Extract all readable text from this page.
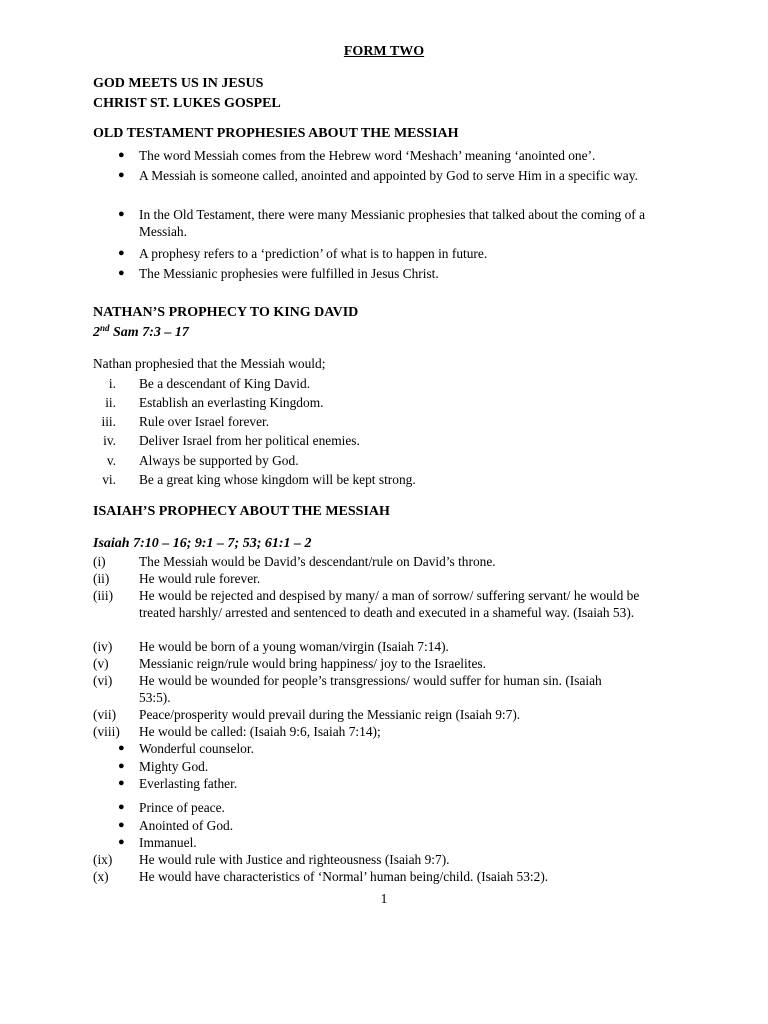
FORM TWO
GOD MEETS US IN JESUS
CHRIST ST. LUKES GOSPEL
OLD TESTAMENT PROPHESIES ABOUT THE MESSIAH
● The word Messiah comes from the Hebrew word ‘Meshach’ meaning ‘anointed one’.
● A Messiah is someone called, anointed and appointed by God to serve Him in a specific way.
● In the Old Testament, there were many Messianic prophesies that talked about the coming of a Messiah.
● A prophesy refers to a ‘prediction’ of what is to happen in future.
● The Messianic prophesies were fulfilled in Jesus Christ.
NATHAN’S PROPHECY TO KING DAVID
2nd Sam 7:3 – 17
Nathan prophesied that the Messiah would;
i. Be a descendant of King David.
ii. Establish an everlasting Kingdom.
iii. Rule over Israel forever.
iv. Deliver Israel from her political enemies.
v. Always be supported by God.
vi. Be a great king whose kingdom will be kept strong.
ISAIAH’S PROPHECY ABOUT THE MESSIAH
Isaiah 7:10 – 16; 9:1 – 7; 53; 61:1 – 2
(i) The Messiah would be David’s descendant/rule on David’s throne.
(ii) He would rule forever.
(iii) He would be rejected and despised by many/ a man of sorrow/ suffering servant/ he would be treated harshly/ arrested and sentenced to death and executed in a shameful way. (Isaiah 53).
(iv) He would be born of a young woman/virgin (Isaiah 7:14).
(v) Messianic reign/rule would bring happiness/ joy to the Israelites.
(vi) He would be wounded for people’s transgressions/ would suffer for human sin. (Isaiah 53:5).
(vii) Peace/prosperity would prevail during the Messianic reign (Isaiah 9:7).
(viii) He would be called: (Isaiah 9:6, Isaiah 7:14);
● Wonderful counselor.
● Mighty God.
● Everlasting father.
● Prince of peace.
● Anointed of God.
● Immanuel.
(ix) He would rule with Justice and righteousness (Isaiah 9:7).
(x) He would have characteristics of ‘Normal’ human being/child. (Isaiah 53:2).
1
